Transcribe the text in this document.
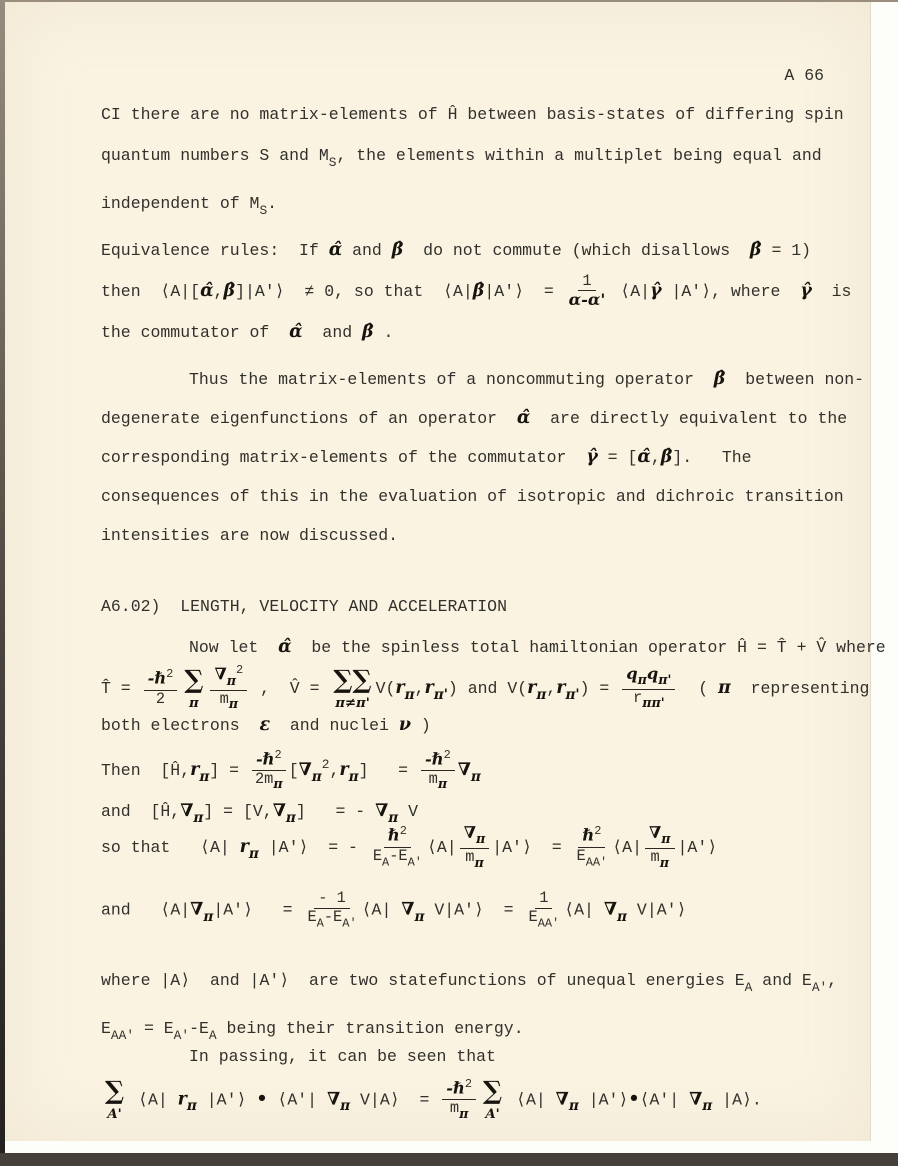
A 66
CI there are no matrix-elements of Ĥ between basis-states of differing spin
quantum numbers S and $M_S$, the elements within a multiplet being equal and
independent of $M_S$.
Equivalence rules:  If α̂ and β̂  do not commute (which disallows  β̂ = 1)
then  ⟨A|[α̂,β̂]|A'⟩  ≠ 0, so that  ⟨A|β̂|A'⟩  = $\frac{1}{\alpha-\alpha'}$ ⟨A|γ̂ |A'⟩, where  γ̂  is
the commutator of  α̂  and β̂ .
Thus the matrix-elements of a noncommuting operator  β̂  between non-
degenerate eigenfunctions of an operator  α̂  are directly equivalent to the
corresponding matrix-elements of the commutator  γ̂ = [α̂,β̂].   The
consequences of this in the evaluation of isotropic and dichroic transition
intensities are now discussed.
A6.02)  LENGTH, VELOCITY AND ACCELERATION
Now let  α̂  be the spinless total hamiltonian operator Ĥ = T̂ + V̂ where
T̂ = $\frac{-\hbar^2}{2}$ ∑
π $\frac{\nabla_\pi^2}{m_\pi}$ ,  V̂ = ∑∑
π≠π'
$V(r_\pi,r_{\pi'})$ and $V(r_\pi,r_{\pi'}) = \frac{q_\pi q_{\pi'}}{r_{\pi\pi'}}$ ( π  representing
both electrons  ε  and nuclei ν )
Then  $[Ĥ,r_\pi] = \frac{-\hbar^2}{2m_\pi} [\nabla_\pi^2,r_\pi] = \frac{-\hbar^2}{m_\pi} \nabla_\pi$
and  $[Ĥ,\nabla_\pi] = [V,\nabla_\pi]$   = - $\nabla_\pi$ V
so that   ⟨A| $r_\pi$ |A'⟩  = - $\frac{\hbar^2}{E_A-E_{A'}}$ ⟨A| $\frac{\nabla_\pi}{m_\pi}$ |A'⟩  = $\frac{\hbar^2}{E_{AA'}}$ ⟨A| $\frac{\nabla_\pi}{m_\pi}$ |A'⟩
and   $⟨A|\nabla_\pi|A'⟩ = \frac{- 1}{E_A-E_{A'}}$ ⟨A| $\nabla_\pi$ V|A'⟩  = $\frac{1}{E_{AA'}}$ ⟨A| $\nabla_\pi$ V|A'⟩
where |A⟩  and |A'⟩  are two statefunctions of unequal energies $E_A$ and $E_{A'}$,
$E_{AA'} = E_{A'}-E_A$ being their transition energy.
In passing, it can be seen that
∑
A'
⟨A| $r_\pi$ |A'⟩ • ⟨A'| $\nabla_\pi$ V|A⟩  = $\frac{-\hbar^2}{m_\pi}$ ∑
A'
⟨A| $\nabla_\pi$ |A'⟩•⟨A'| $\nabla_\pi$ |A⟩.
